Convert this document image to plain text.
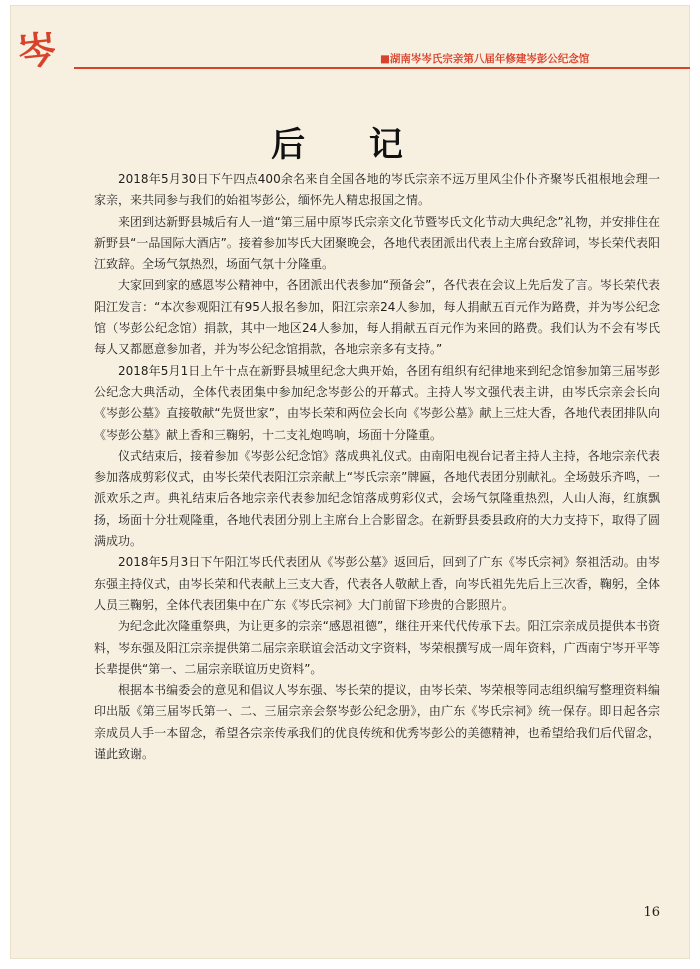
岑	■湖南岑岑氏宗亲第八届年修建岑彭公纪念馆
后 记

2018年5月30日下午四点400余名来自全国各地的岑氏宗亲不远万里风尘仆仆齐聚岑氏祖根地会理一家亲，来共同参与我们的始祖岑彭公，缅怀先人精忠报国之情。

来团到达新野县城后有人一道“第三届中原岑氏宗亲文化节暨岑氏文化节动大典纪念”礼物，并安排住在新野县“一品国际大酒店”。接着参加岑氏大团聚晚会，各地代表团派出代表上主席台致辞词，岑长荣代表阳江致辞。全场气氛热烈，场面气氛十分隆重。

大家回到家的感恩岑公精神中，各团派出代表参加“预备会”，各代表在会议上先后发了言。岑长荣代表阳江发言：“本次参观阳江有95人报名参加，阳江宗亲24人参加，每人捐献五百元作为路费，并为岑公纪念馆（岑彭公纪念馆）捐款，其中一地区24人参加，每人捐献五百元作为来回的路费。我们认为不会有岑氏每人又都愿意参加者，并为岑公纪念馆捐款，各地宗亲多有支持。”

2018年5月1日上午十点在新野县城里纪念大典开始，各团有组织有纪律地来到纪念馆参加第三届岑彭公纪念大典活动，全体代表团集中参加纪念岑彭公的开幕式。主持人岑文强代表主讲，由岑氏宗亲会长向《岑彭公墓》直接敬献“先贤世家”，由岑长荣和两位会长向《岑彭公墓》献上三炷大香，各地代表团排队向《岑彭公墓》献上香和三鞠躬，十二支礼炮鸣响，场面十分隆重。

仪式结束后，接着参加《岑彭公纪念馆》落成典礼仪式。由南阳电视台记者主持人主持，各地宗亲代表参加落成剪彩仪式，由岑长荣代表阳江宗亲献上“岑氏宗亲”牌匾，各地代表团分别献礼。全场鼓乐齐鸣，一派欢乐之声。典礼结束后各地宗亲代表参加纪念馆落成剪彩仪式，会场气氛隆重热烈，人山人海，红旗飘扬，场面十分壮观隆重，各地代表团分别上主席台上合影留念。在新野县委县政府的大力支持下，取得了圆满成功。

2018年5月3日下午阳江岑氏代表团从《岑彭公墓》返回后，回到了广东《岑氏宗祠》祭祖活动。由岑东强主持仪式，由岑长荣和代表献上三支大香，代表各人敬献上香，向岑氏祖先先后上三次香，鞠躬，全体人员三鞠躬，全体代表团集中在广东《岑氏宗祠》大门前留下珍贵的合影照片。

为纪念此次隆重祭典，为让更多的宗亲“感恩祖德”，继往开来代代传承下去。阳江宗亲成员提供本书资料，岑东强及阳江宗亲提供第二届宗亲联谊会活动文字资料，岑荣根撰写成一周年资料，广西南宁岑开平等长辈提供“第一、二届宗亲联谊历史资料”。

根据本书编委会的意见和倡议人岑东强、岑长荣的提议，由岑长荣、岑荣根等同志组织编写整理资料编印出版《第三届岑氏第一、二、三届宗亲会祭岑彭公纪念册》，由广东《岑氏宗祠》统一保存。即日起各宗亲成员人手一本留念，希望各宗亲传承我们的优良传统和优秀岑彭公的美德精神，也希望给我们后代留念，谨此致谢。

16
